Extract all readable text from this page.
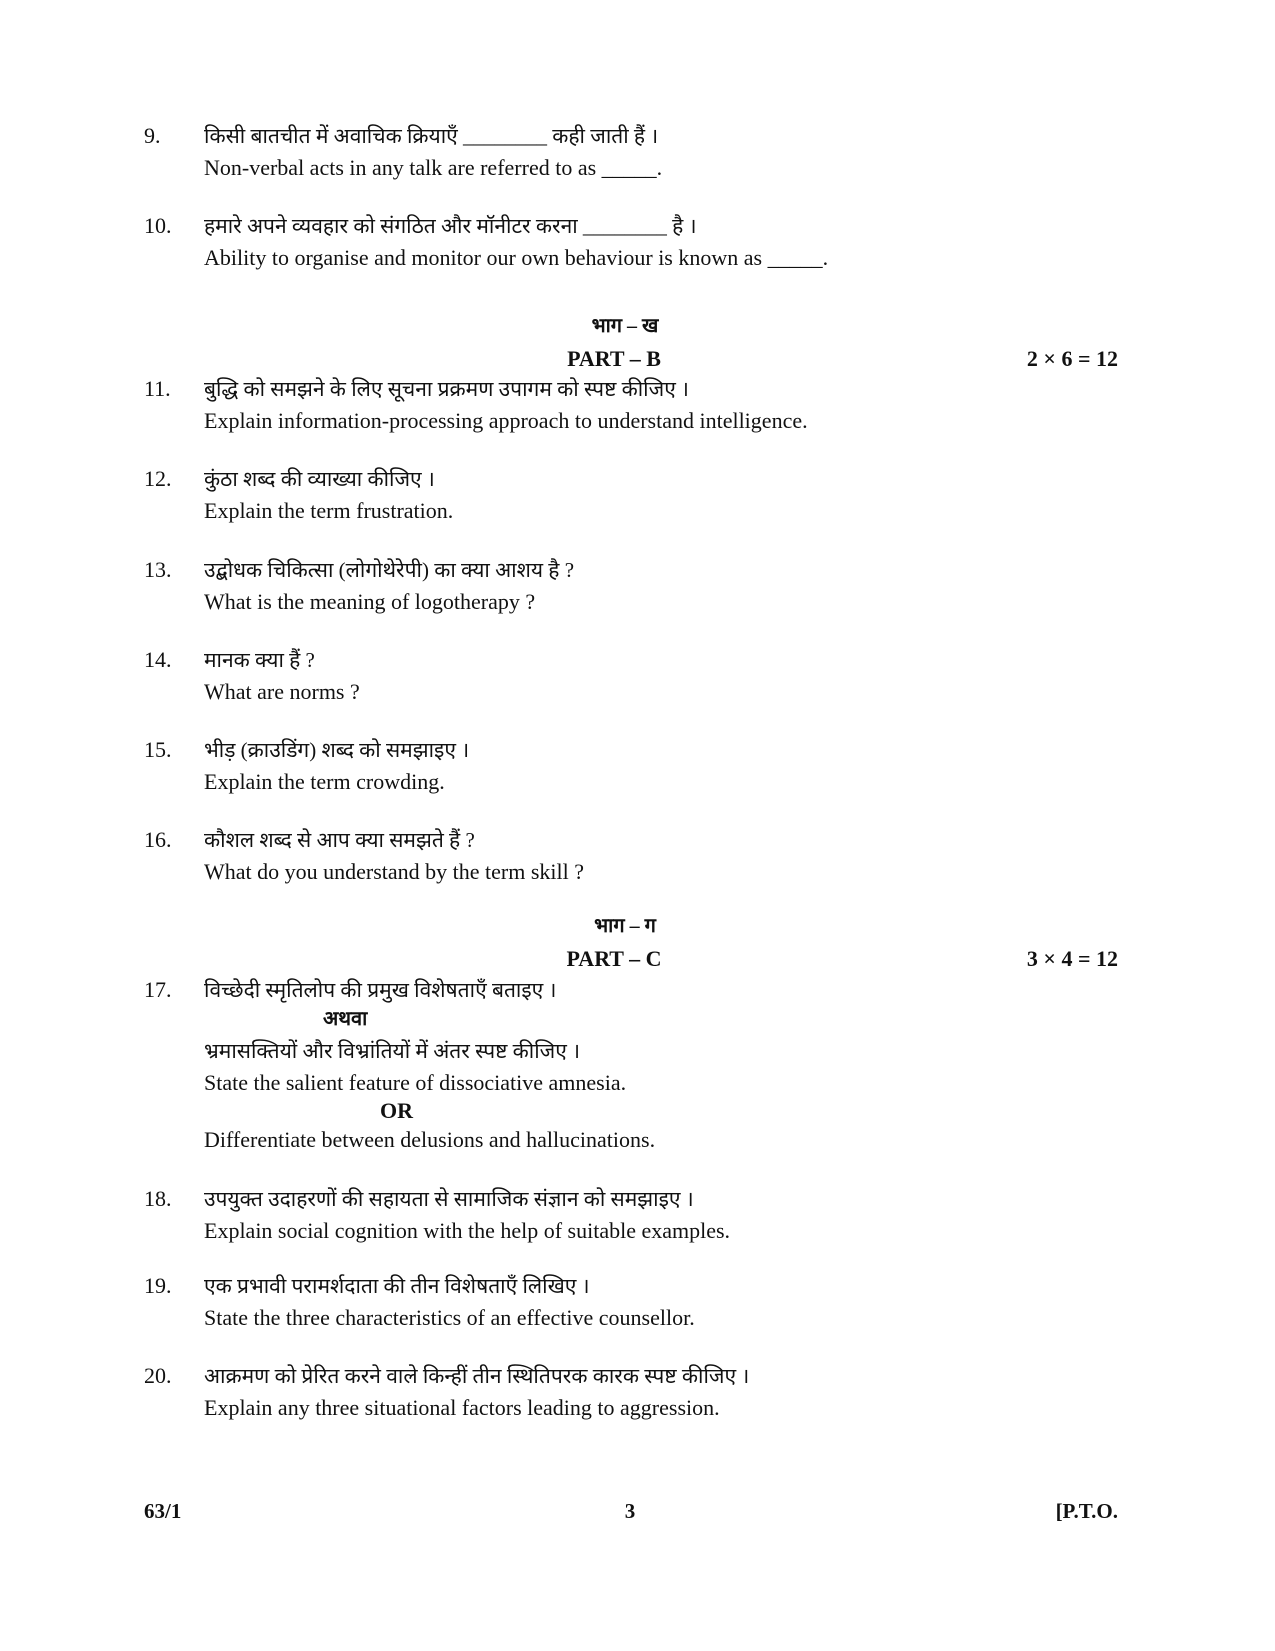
9. किसी बातचीत में अवाचिक क्रियाएँ ________ कही जाती हैं ।
Non-verbal acts in any talk are referred to as _____.
10. हमारे अपने व्यवहार को संगठित और मॉनीटर करना ________ है ।
Ability to organise and monitor our own behaviour is known as _____.
भाग – ख
PART – B	2 × 6 = 12
11. बुद्धि को समझने के लिए सूचना प्रक्रमण उपागम को स्पष्ट कीजिए ।
Explain information-processing approach to understand intelligence.
12. कुंठा शब्द की व्याख्या कीजिए ।
Explain the term frustration.
13. उद्बोधक चिकित्सा (लोगोथेरेपी) का क्या आशय है ?
What is the meaning of logotherapy ?
14. मानक क्या हैं ?
What are norms ?
15. भीड़ (क्राउडिंग) शब्द को समझाइए ।
Explain the term crowding.
16. कौशल शब्द से आप क्या समझते हैं ?
What do you understand by the term skill ?
भाग – ग
PART – C	3 × 4 = 12
17. विच्छेदी स्मृतिलोप की प्रमुख विशेषताएँ बताइए ।
अथवा
भ्रमासक्तियों और विभ्रांतियों में अंतर स्पष्ट कीजिए ।
State the salient feature of dissociative amnesia.
OR
Differentiate between delusions and hallucinations.
18. उपयुक्त उदाहरणों की सहायता से सामाजिक संज्ञान को समझाइए ।
Explain social cognition with the help of suitable examples.
19. एक प्रभावी परामर्शदाता की तीन विशेषताएँ लिखिए ।
State the three characteristics of an effective counsellor.
20. आक्रमण को प्रेरित करने वाले किन्हीं तीन स्थितिपरक कारक स्पष्ट कीजिए ।
Explain any three situational factors leading to aggression.
63/1	3	[P.T.O.
